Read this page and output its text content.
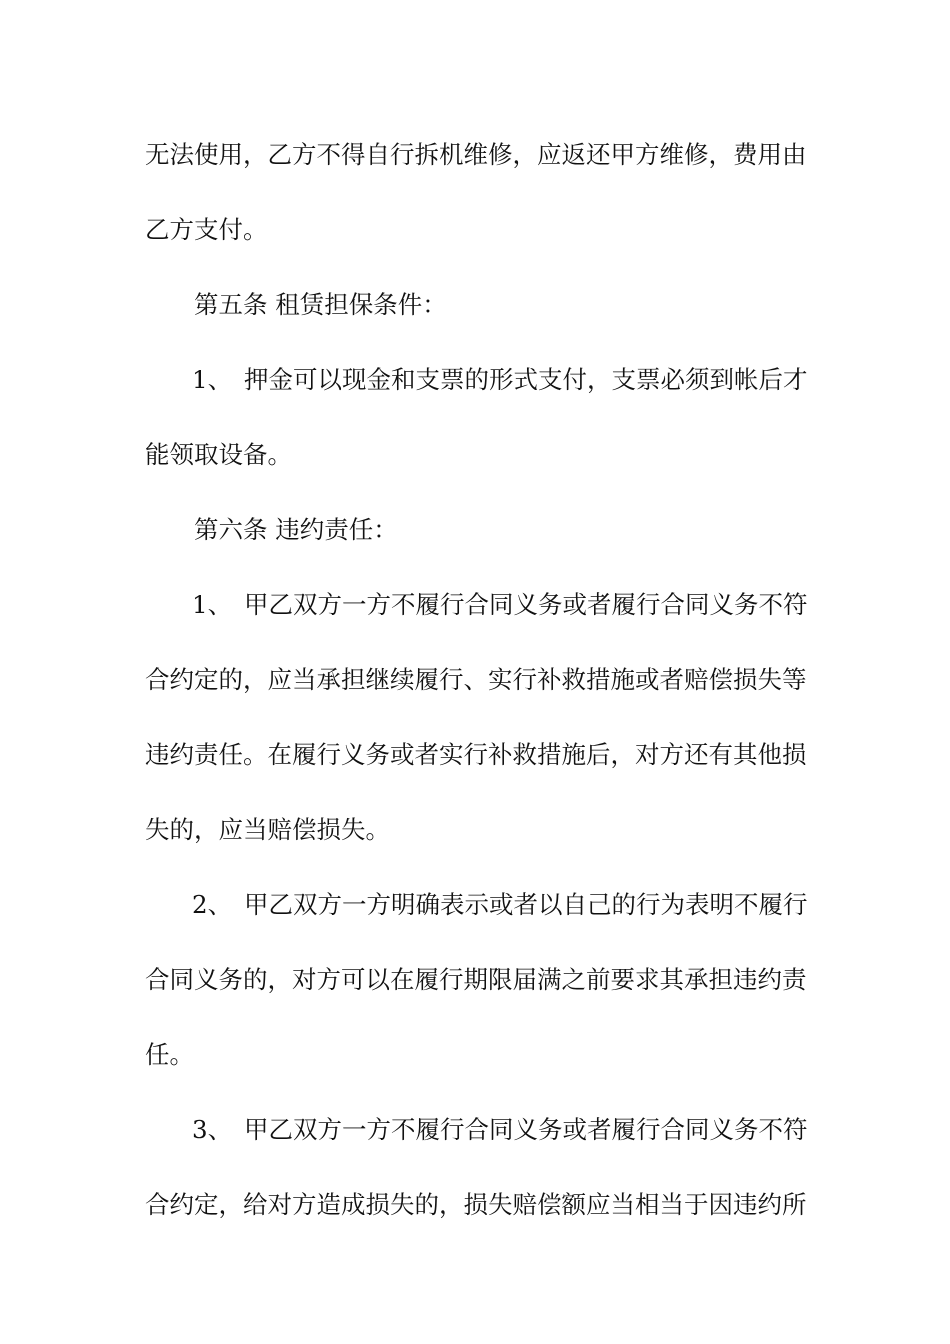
无法使用，乙方不得自行拆机维修，应返还甲方维修，费用由
乙方支付。
第五条 租赁担保条件：
1、 押金可以现金和支票的形式支付，支票必须到帐后才
能领取设备。
第六条 违约责任：
1、 甲乙双方一方不履行合同义务或者履行合同义务不符
合约定的，应当承担继续履行、实行补救措施或者赔偿损失等
违约责任。在履行义务或者实行补救措施后，对方还有其他损
失的，应当赔偿损失。
2、 甲乙双方一方明确表示或者以自己的行为表明不履行
合同义务的，对方可以在履行期限届满之前要求其承担违约责
任。
3、 甲乙双方一方不履行合同义务或者履行合同义务不符
合约定，给对方造成损失的，损失赔偿额应当相当于因违约所
